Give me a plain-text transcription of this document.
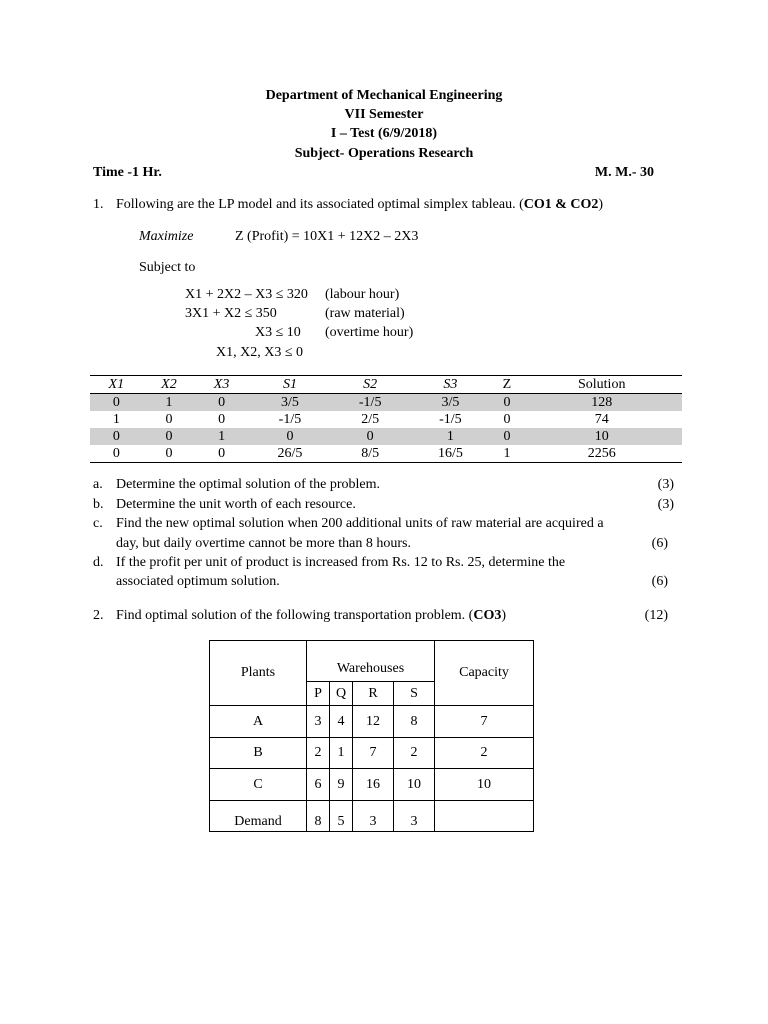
Department of Mechanical Engineering
VII Semester
I – Test (6/9/2018)
Subject- Operations Research
Time -1 Hr.	M. M.- 30
1. Following are the LP model and its associated optimal simplex tableau. (CO1 & CO2)
Maximize	Z (Profit) = 10X1 + 12X2 – 2X3
Subject to
X1 + 2X2 – X3 ≤ 320 (labour hour)
3X1 + X2 ≤ 350	(raw material)
X3 ≤ 10 (overtime hour)
X1, X2, X3 ≤ 0
X1	X2	X3	S1	S2	S3	Z	Solution
0	1	0	3/5	-1/5	3/5	0	128
1	0	0	-1/5	2/5	-1/5	0	74
0	0	1	0	0	1	0	10
0	0	0	26/5	8/5	16/5	1	2256
a. Determine the optimal solution of the problem.	(3)
b. Determine the unit worth of each resource.	(3)
c. Find the new optimal solution when 200 additional units of raw material are acquired a
day, but daily overtime cannot be more than 8 hours.	(6)
d. If the profit per unit of product is increased from Rs. 12 to Rs. 25, determine the
associated optimum solution.	(6)
2. Find optimal solution of the following transportation problem. (CO3)	(12)
Plants	Warehouses				Capacity
	P	Q	R	S	
A	3	4	12	8	7
B	2	1	7	2	2
C	6	9	16	10	10
Demand	8	5	3	3	
